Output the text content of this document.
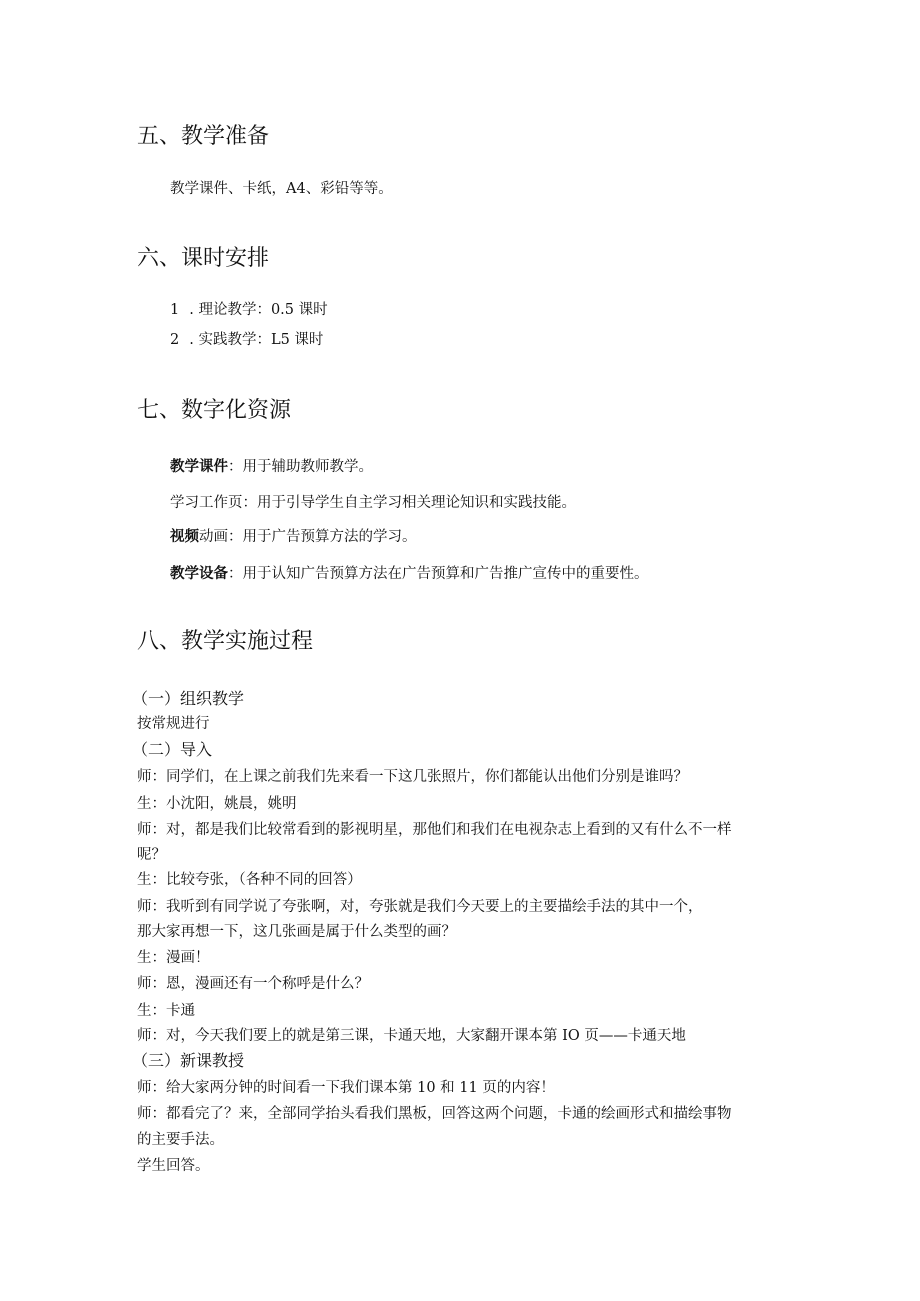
五、教学准备
教学课件、卡纸，A4、彩铅等等。
六、课时安排
1 . 理论教学：0.5 课时
2 . 实践教学：L5 课时
七、数字化资源
教学课件：用于辅助教师教学。
学习工作页：用于引导学生自主学习相关理论知识和实践技能。
视频动画：用于广告预算方法的学习。
教学设备：用于认知广告预算方法在广告预算和广告推广宣传中的重要性。
八、教学实施过程
（一）组织教学
按常规进行
（二）导入
师：同学们，在上课之前我们先来看一下这几张照片，你们都能认出他们分别是谁吗？
生：小沈阳，姚晨，姚明
师：对，都是我们比较常看到的影视明星，那他们和我们在电视杂志上看到的又有什么不一样
呢？
生：比较夸张，（各种不同的回答）
师：我听到有同学说了夸张啊，对，夸张就是我们今天要上的主要描绘手法的其中一个，
那大家再想一下，这几张画是属于什么类型的画？
生：漫画！
师：恩，漫画还有一个称呼是什么？
生：卡通
师：对，今天我们要上的就是第三课，卡通天地，大家翻开课本第 IO 页——卡通天地
（三）新课教授
师：给大家两分钟的时间看一下我们课本第 10 和 11 页的内容！
师：都看完了？来，全部同学抬头看我们黑板，回答这两个问题，卡通的绘画形式和描绘事物
的主要手法。
学生回答。
